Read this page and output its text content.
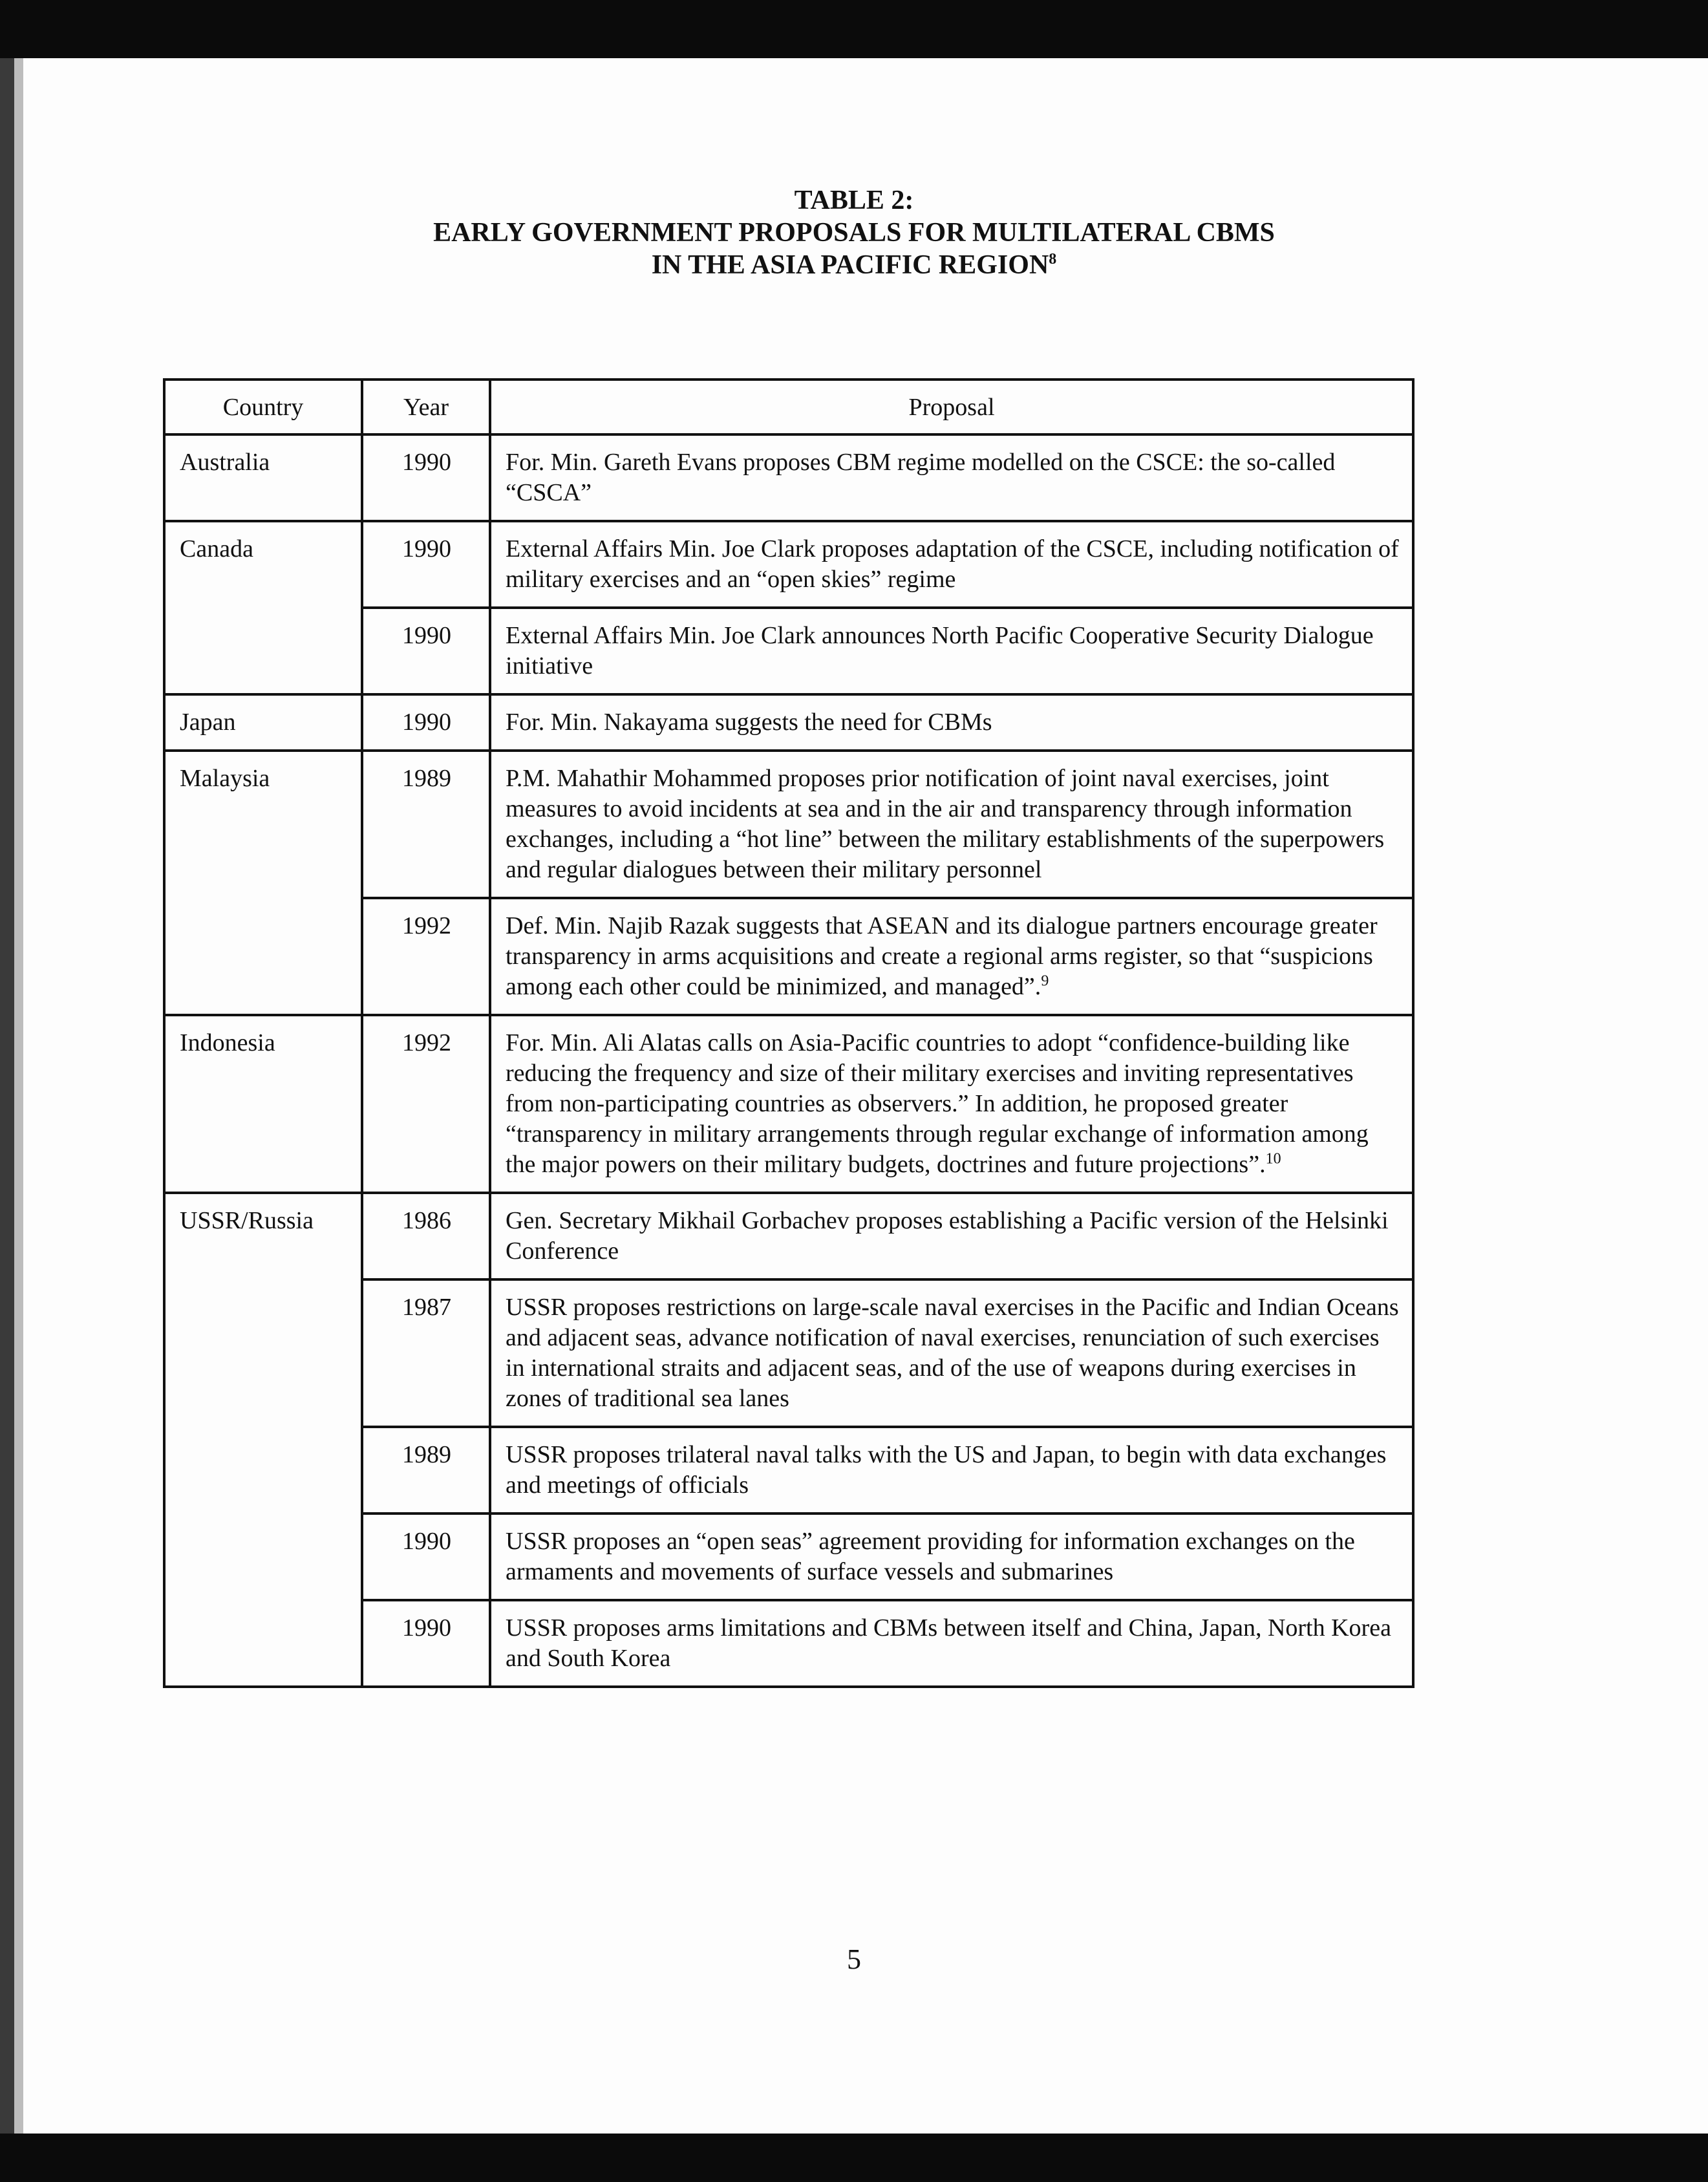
TABLE 2:
EARLY GOVERNMENT PROPOSALS FOR MULTILATERAL CBMS
IN THE ASIA PACIFIC REGION$^8$
Country	Year	Proposal
Australia	1990	For. Min. Gareth Evans proposes CBM regime modelled on the CSCE: the so-called “CSCA”
Canada	1990	External Affairs Min. Joe Clark proposes adaptation of the CSCE, including notification of military exercises and an “open skies” regime
	1990	External Affairs Min. Joe Clark announces North Pacific Cooperative Security Dialogue initiative
Japan	1990	For. Min. Nakayama suggests the need for CBMs
Malaysia	1989	P.M. Mahathir Mohammed proposes prior notification of joint naval exercises, joint measures to avoid incidents at sea and in the air and transparency through information exchanges, including a “hot line” between the military establishments of the superpowers and regular dialogues between their military personnel
	1992	Def. Min. Najib Razak suggests that ASEAN and its dialogue partners encourage greater transparency in arms acquisitions and create a regional arms register, so that “suspicions among each other could be minimized, and managed”.$^9$
Indonesia	1992	For. Min. Ali Alatas calls on Asia-Pacific countries to adopt “confidence-building like reducing the frequency and size of their military exercises and inviting representatives from non-participating countries as observers.” In addition, he proposed greater “transparency in military arrangements through regular exchange of information among the major powers on their military budgets, doctrines and future projections”.$^{10}$
USSR/Russia	1986	Gen. Secretary Mikhail Gorbachev proposes establishing a Pacific version of the Helsinki Conference
	1987	USSR proposes restrictions on large-scale naval exercises in the Pacific and Indian Oceans and adjacent seas, advance notification of naval exercises, renunciation of such exercises in international straits and adjacent seas, and of the use of weapons during exercises in zones of traditional sea lanes
	1989	USSR proposes trilateral naval talks with the US and Japan, to begin with data exchanges and meetings of officials
	1990	USSR proposes an “open seas” agreement providing for information exchanges on the armaments and movements of surface vessels and submarines
	1990	USSR proposes arms limitations and CBMs between itself and China, Japan, North Korea and South Korea
5
